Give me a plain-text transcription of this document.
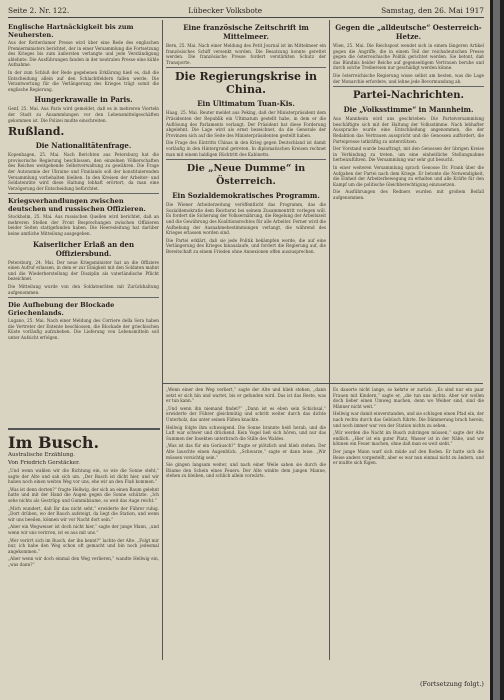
Seite 2. Nr. 122.	Lübecker Volksbote	Samstag, den 26. Mai 1917
Englische Hartnäckigkeit bis zum Neuhersten.

Aus der Rotterdamer Presse wird über eine Rede des englischen Premierministers berichtet, der in einer Versammlung die Fortsetzung des Krieges bis zum äußersten verlangte und jede Verständigung ablehnte. Die Ausführungen fanden in der neutralen Presse eine kühle Aufnahme.

In der zum Schluß der Rede gegebenen Erklärung hieß es, daß die Entscheidung allein auf den Schlachtfeldern fallen werde. Die Verantwortung für die Verlängerung des Krieges trägt somit die englische Regierung.

Hungerkrawalle in Paris.

Genf, 25. Mai. Aus Paris wird gemeldet, daß es in mehreren Vierteln der Stadt zu Ansammlungen vor den Lebensmittelgeschäften gekommen ist. Die Polizei mußte einschreiten.

Rußland.
Die Nationalitätenfrage.

Kopenhagen, 25. Mai. Nach Berichten aus Petersburg hat die provisorische Regierung beschlossen, den einzelnen Völkerschaften des Reiches weitgehende Selbstverwaltung zu gewähren. Die Frage der Autonomie der Ukraine und Finnlands soll der konstituierenden Versammlung vorbehalten bleiben. In den Kreisen der Arbeiter- und Soldatenräte wird diese Haltung lebhaft erörtert, da man eine Verzögerung der Entscheidung befürchtet.

Kriegsverhandlungen zwischen deutschen und russischen Offizieren.

Stockholm, 25. Mai. Aus russischen Quellen wird berichtet, daß an mehreren Stellen der Front Besprechungen zwischen Offizieren beider Seiten stattgefunden haben. Die Heeresleitung hat darüber keine amtliche Mitteilung ausgegeben.

Kaiserlicher Erlaß an den Offiziersbund.

Petersburg, 24. Mai. Der neue Kriegsminister hat an die Offiziere einen Aufruf erlassen, in dem er zur Einigkeit mit den Soldaten mahnt und die Wiederherstellung der Disziplin als vaterländische Pflicht bezeichnet.

Die Mitteilung wurde von den Soldatenräten mit Zurückhaltung aufgenommen.

Die Aufhebung der Blockade Griechenlands.

Lugano, 25. Mai. Nach einer Meldung des Corriere della Sera haben die Vertreter der Entente beschlossen, die Blockade der griechischen Küste vorläufig aufzuheben. Die Lieferung von Lebensmitteln soll unter Aufsicht erfolgen.

Im Busch.
Australische Erzählung.
Von Friedrich Gerstäcker.

„Und wenn wahlen wir die Richtung ein, so wie die Sonne steht,“ sagte der Alte und sah sich um. „Der Busch ist dicht hier, und wir haben noch einen weiten Weg vor uns, ehe wir an den Fluß kommen.“

„Was ist denn dorten?“ fragte Hellwig, der sich an einen Baum gelehnt hatte und mit der Hand die Augen gegen die Sonne schützte. „Ich sehe nichts als Gestrüpp und Gummibäume, so weit das Auge reicht.“

„Mich wundert, daß Ihr das nicht seht,“ erwiderte der Führer ruhig. „Dort drüben, wo der Rauch aufsteigt, da liegt die Station, und wenn wir uns beeilen, können wir vor Nacht dort sein.“

„Aber ein Wegweiser ist doch nicht hier,“ sagte der junge Mann, „und wenn wir uns verirren, ist es aus mit uns.“

„Wer verirrt sich im Busch, der ihn kennt?“ lachte der Alte. „Folgt mir nur, ich habe den Weg schon oft gemacht und bin noch jedesmal angekommen.“

„Aber wenn wir doch einmal den Weg verlieren,“ wandte Hellwig ein, „was dann?“

Eine französische Zeitschrift im Mittelmeer.

Bern, 25. Mai. Nach einer Meldung des Petit Journal ist im Mittelmeer ein französisches Schiff versenkt worden. Die Besatzung konnte gerettet werden. Die französische Presse fordert verstärkten Schutz der Transporte.

Die Regierungskrise in China.
Ein Ultimatum Tuan-Kis.

Haag, 25. Mai. Reuter meldet aus Peking, daß der Ministerpräsident dem Präsidenten der Republik ein Ultimatum gestellt habe, in dem er die Auflösung des Parlaments verlangt. Der Präsident hat diese Forderung abgelehnt. Die Lage wird als ernst bezeichnet, da die Generale der Provinzen sich auf die Seite des Ministerpräsidenten gestellt haben.

Die Frage des Eintritts Chinas in den Krieg gegen Deutschland ist damit vorläufig in den Hintergrund getreten. In diplomatischen Kreisen rechnet man mit einem baldigen Rücktritt des Kabinetts.

Die „Neue Dumme“ in Österreich.
Ein Sozialdemokratisches Programm.

Die Wiener Arbeiterzeitung veröffentlicht das Programm, das die Sozialdemokratie dem Reichsrat bei seinem Zusammentritt vorlegen will. Es fordert die Sicherung der Volksernährung, die Regelung der Arbeitszeit und die Gewährung des Koalitionsrechtes für alle Arbeiter. Ferner wird die Aufhebung der Ausnahmebestimmungen verlangt, die während des Krieges erlassen worden sind.

Die Partei erklärt, daß sie jede Politik bekämpfen werde, die auf eine Verlängerung des Krieges hinauslaufe, und fordert die Regierung auf, die Bereitschaft zu einem Frieden ohne Annexionen offen auszusprechen.

„Wenn einer den Weg verliert,“ sagte der Alte und blieb stehen, „dann setzt er sich hin und wartet, bis er gefunden wird. Das ist das Beste, was er tun kann.“

„Und wenn ihn niemand findet?“ „Dann ist es eben sein Schicksal,“ erwiderte der Führer gleichmütig und schritt weiter durch das dichte Unterholz, das unter seinen Füßen knackte.

Hellwig folgte ihm schweigend. Die Sonne brannte heiß herab, und die Luft war schwer und drückend. Kein Vogel ließ sich hören, und nur das Summen der Insekten unterbrach die Stille des Waldes.

„Was ist das für ein Geräusch?“ fragte er plötzlich und blieb stehen. Der Alte lauschte einen Augenblick. „Schwarze,“ sagte er dann leise. „Wir müssen vorsichtig sein.“

Sie gingen langsam weiter, und nach einer Weile sahen sie durch die Bäume den Schein eines Feuers. Der Alte winkte dem jungen Manne, stehen zu bleiben, und schlich allein vorwärts.

Gegen die „alldeutsche“ Oesterreich-Hetze.

Wien, 25. Mai. Die Reichspost wendet sich in einem längeren Artikel gegen die Angriffe, die in einem Teil der reichsdeutschen Presse gegen die österreichische Politik gerichtet werden. Sie betont, daß das Bündnis beider Reiche auf gegenseitigem Vertrauen beruhe und durch solche Treibereien nur geschädigt werden könne.

Die österreichische Regierung wisse selbst am besten, was die Lage der Monarchie erfordere, und lehne jede Bevormundung ab.

Partei-Nachrichten.
Die „Volksstimme“ in Mannheim.

Aus Mannheim wird uns geschrieben: Die Parteiversammlung beschäftigte sich mit der Haltung der Volksstimme. Nach lebhafter Aussprache wurde eine Entschließung angenommen, die der Redaktion das Vertrauen ausspricht und die Genossen auffordert, die Parteipresse tatkräftig zu unterstützen.

Der Vorstand wurde beauftragt, mit den Genossen der übrigen Kreise in Verbindung zu treten, um eine einheitliche Stellungnahme herbeizuführen. Die Versammlung war sehr gut besucht.

In einer weiteren Versammlung sprach Genosse Dr. Frank über die Aufgaben der Partei nach dem Kriege. Er betonte die Notwendigkeit, die Einheit der Arbeiterbewegung zu erhalten und alle Kräfte für den Kampf um die politische Gleichberechtigung einzusetzen.

Die Ausführungen des Redners wurden mit großem Beifall aufgenommen.

Es dauerte nicht lange, so kehrte er zurück. „Es sind nur ein paar Frauen mit Kindern,“ sagte er, „die tun uns nichts. Aber wir wollen doch lieber einen Umweg machen, denn wo Weiber sind, sind die Männer nicht weit.“

Hellwig war damit einverstanden, und sie schlugen einen Pfad ein, der nach rechts durch das Gebüsch führte. Die Dämmerung brach herein, und noch immer war von der Station nichts zu sehen.

„Wir werden die Nacht im Busch zubringen müssen,“ sagte der Alte endlich. „Hier ist ein guter Platz, Wasser ist in der Nähe, und wir können ein Feuer machen, ohne daß man es weit sieht.“

Der junge Mann warf sich müde auf den Boden. Er hatte sich die Reise anders vorgestellt, aber es war nun einmal nicht zu ändern, und er mußte sich fügen.

(Fortsetzung folgt.)
